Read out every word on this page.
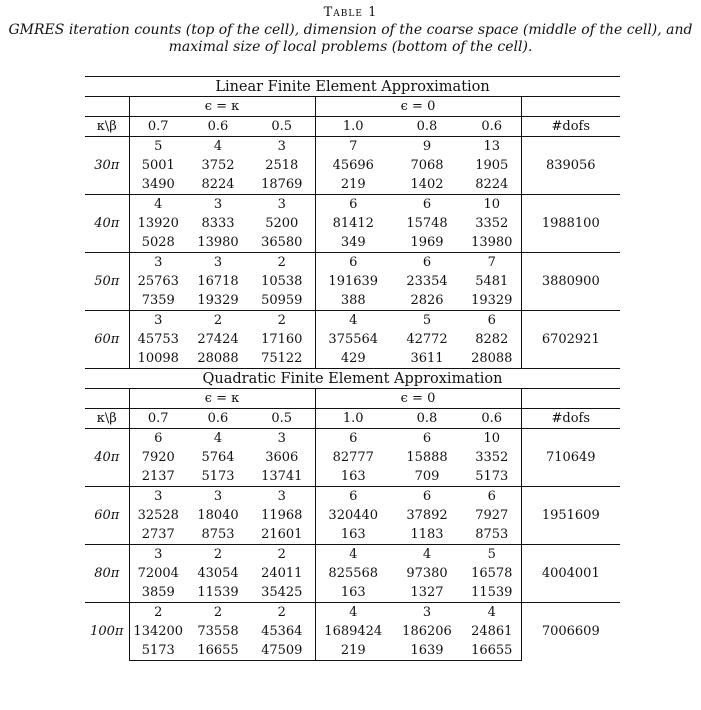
Table 1
GMRES iteration counts (top of the cell), dimension of the coarse space (middle of the cell), and maximal size of local problems (bottom of the cell).
Linear Finite Element Approximation							
	ϵ = κ			ϵ = 0			
κ\β	0.7	0.6	0.5	1.0	0.8	0.6	#dofs
30π	5	4	3	7	9	13	839056
	5001	3752	2518	45696	7068	1905	
	3490	8224	18769	219	1402	8224	
40π	4	3	3	6	6	10	1988100
	13920	8333	5200	81412	15748	3352	
	5028	13980	36580	349	1969	13980	
50π	3	3	2	6	6	7	3880900
	25763	16718	10538	191639	23354	5481	
	7359	19329	50959	388	2826	19329	
60π	3	2	2	4	5	6	6702921
	45753	27424	17160	375564	42772	8282	
	10098	28088	75122	429	3611	28088	
Quadratic Finite Element Approximation							
	ϵ = κ			ϵ = 0			
κ\β	0.7	0.6	0.5	1.0	0.8	0.6	#dofs
40π	6	4	3	6	6	10	710649
	7920	5764	3606	82777	15888	3352	
	2137	5173	13741	163	709	5173	
60π	3	3	3	6	6	6	1951609
	32528	18040	11968	320440	37892	7927	
	2737	8753	21601	163	1183	8753	
80π	3	2	2	4	4	5	4004001
	72004	43054	24011	825568	97380	16578	
	3859	11539	35425	163	1327	11539	
100π	2	2	2	4	3	4	7006609
	134200	73558	45364	1689424	186206	24861	
	5173	16655	47509	219	1639	16655	
